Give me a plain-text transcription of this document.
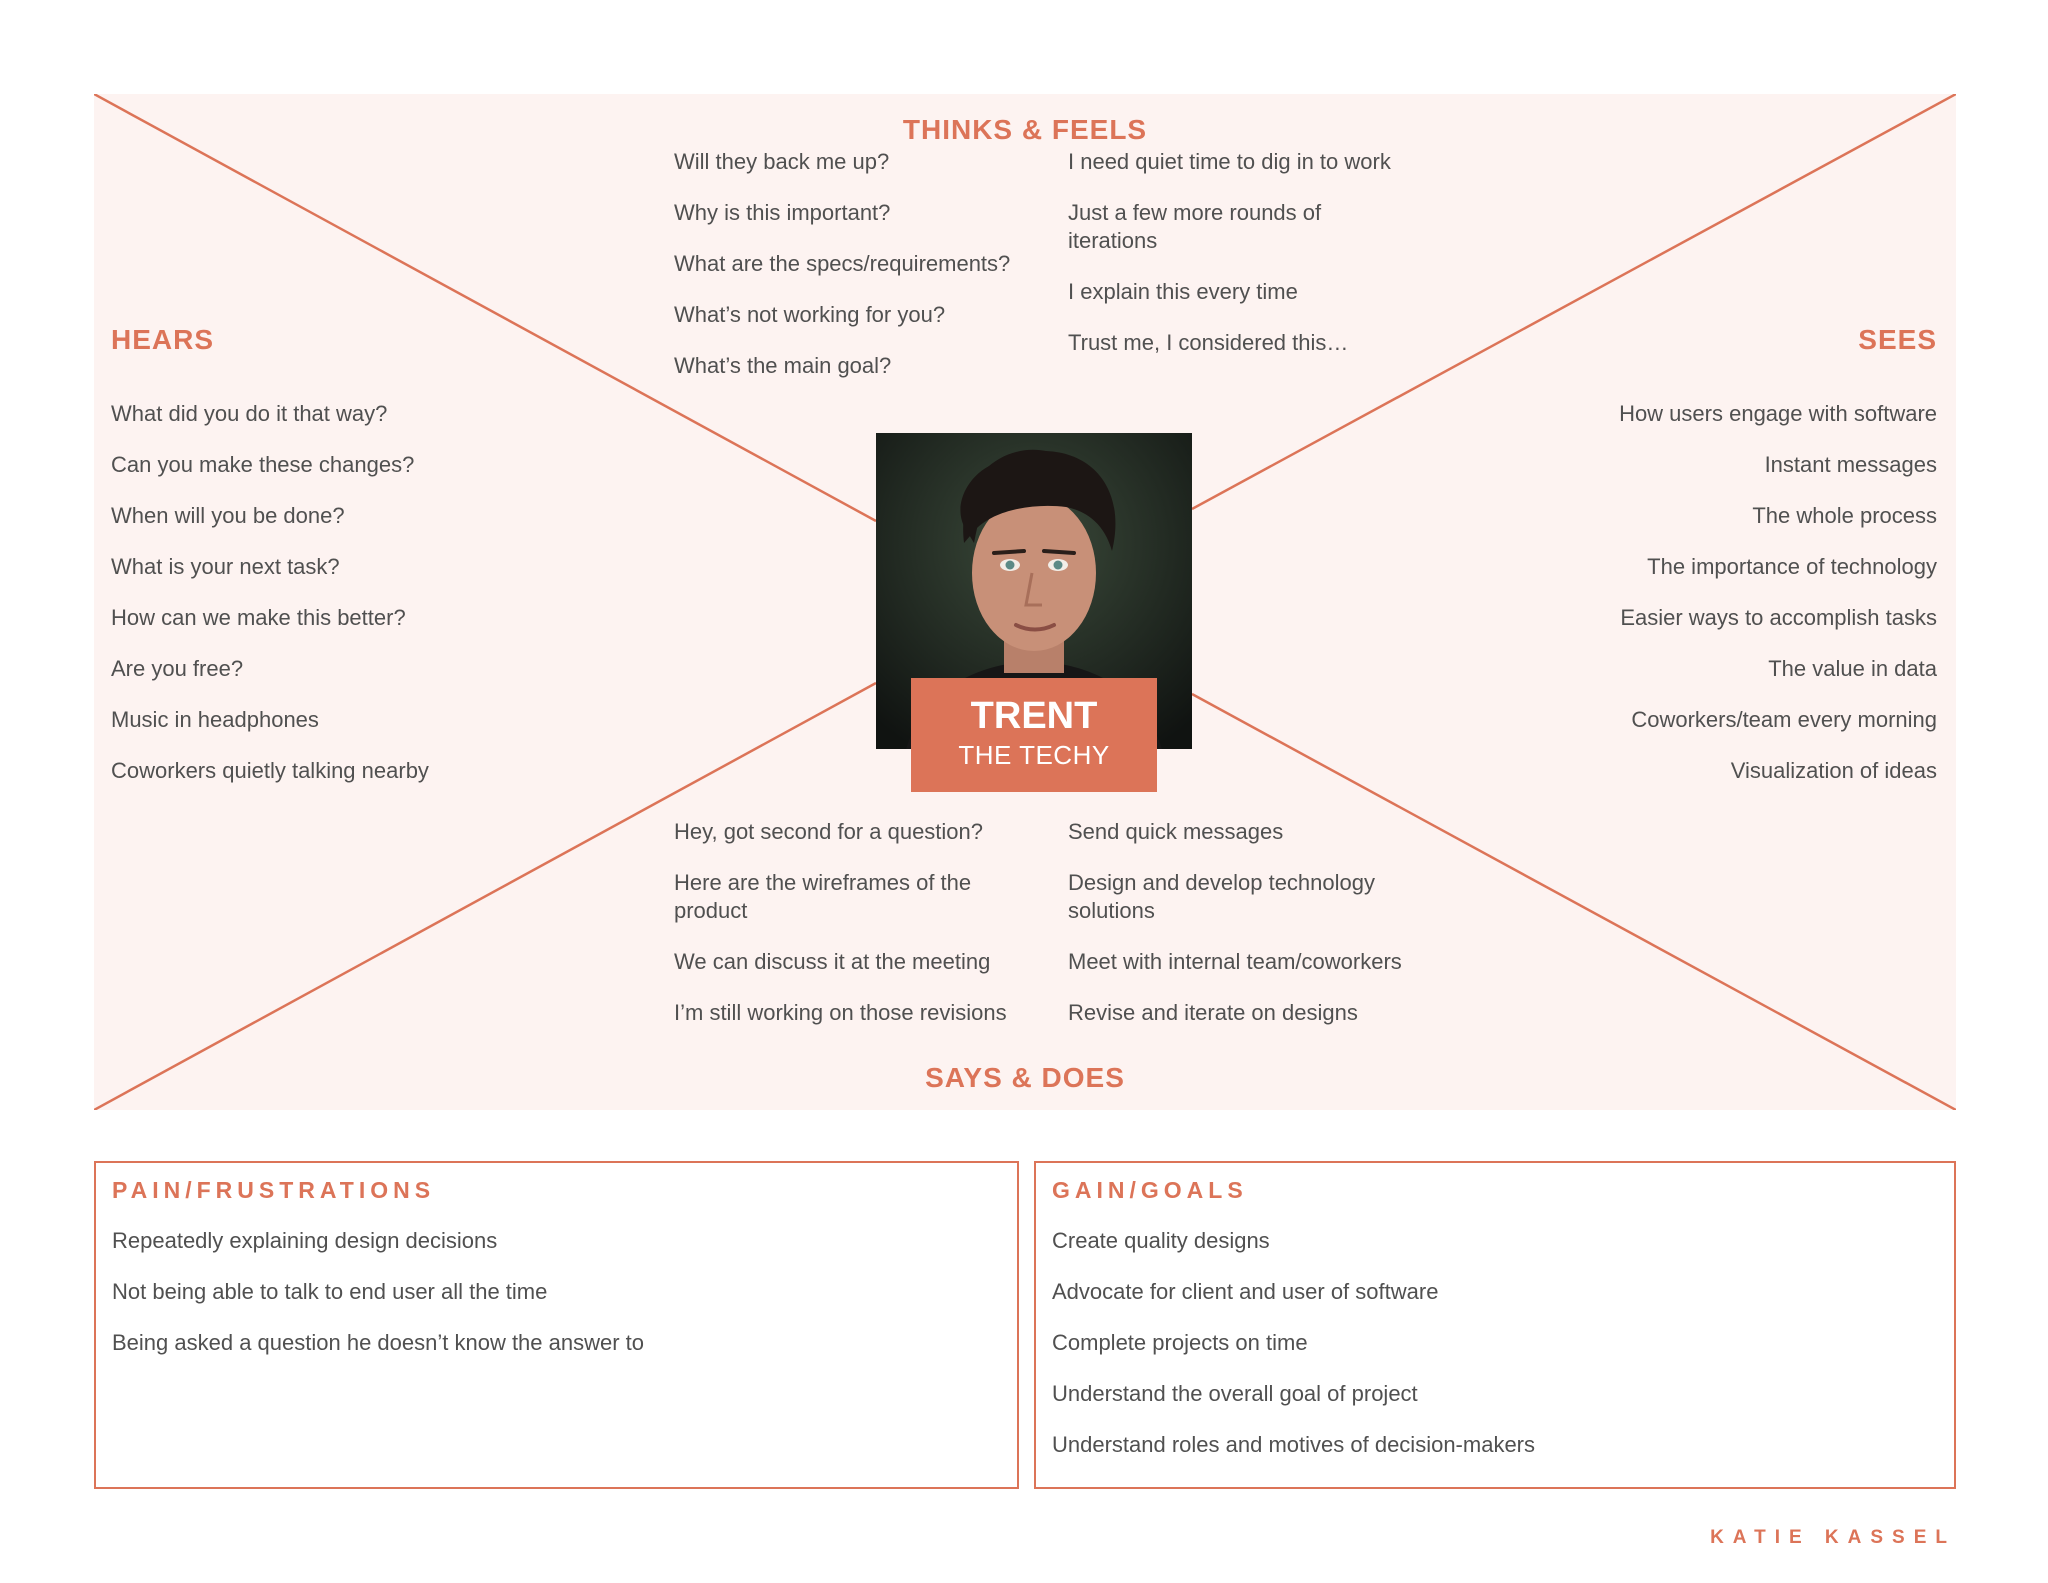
THINKS & FEELS
Will they back me up?
Why is this important?
What are the specs/requirements?
What’s not working for you?
What’s the main goal?
I need quiet time to dig in to work
Just a few more rounds of iterations
I explain this every time
Trust me, I considered this…
HEARS
What did you do it that way?
Can you make these changes?
When will you be done?
What is your next task?
How can we make this better?
Are you free?
Music in headphones
Coworkers quietly talking nearby
SEES
How users engage with software
Instant messages
The whole process
The importance of technology
Easier ways to accomplish tasks
The value in data
Coworkers/team every morning
Visualization of ideas
TRENT
THE TECHY
Hey, got second for a question?
Here are the wireframes of the product
We can discuss it at the meeting
I’m still working on those revisions
Send quick messages
Design and develop technology solutions
Meet with internal team/coworkers
Revise and iterate on designs
SAYS & DOES
PAIN/FRUSTRATIONS
Repeatedly explaining design decisions
Not being able to talk to end user all the time
Being asked a question he doesn’t know the answer to
GAIN/GOALS
Create quality designs
Advocate for client and user of software
Complete projects on time
Understand the overall goal of project
Understand roles and motives of decision-makers
KATIE KASSEL
